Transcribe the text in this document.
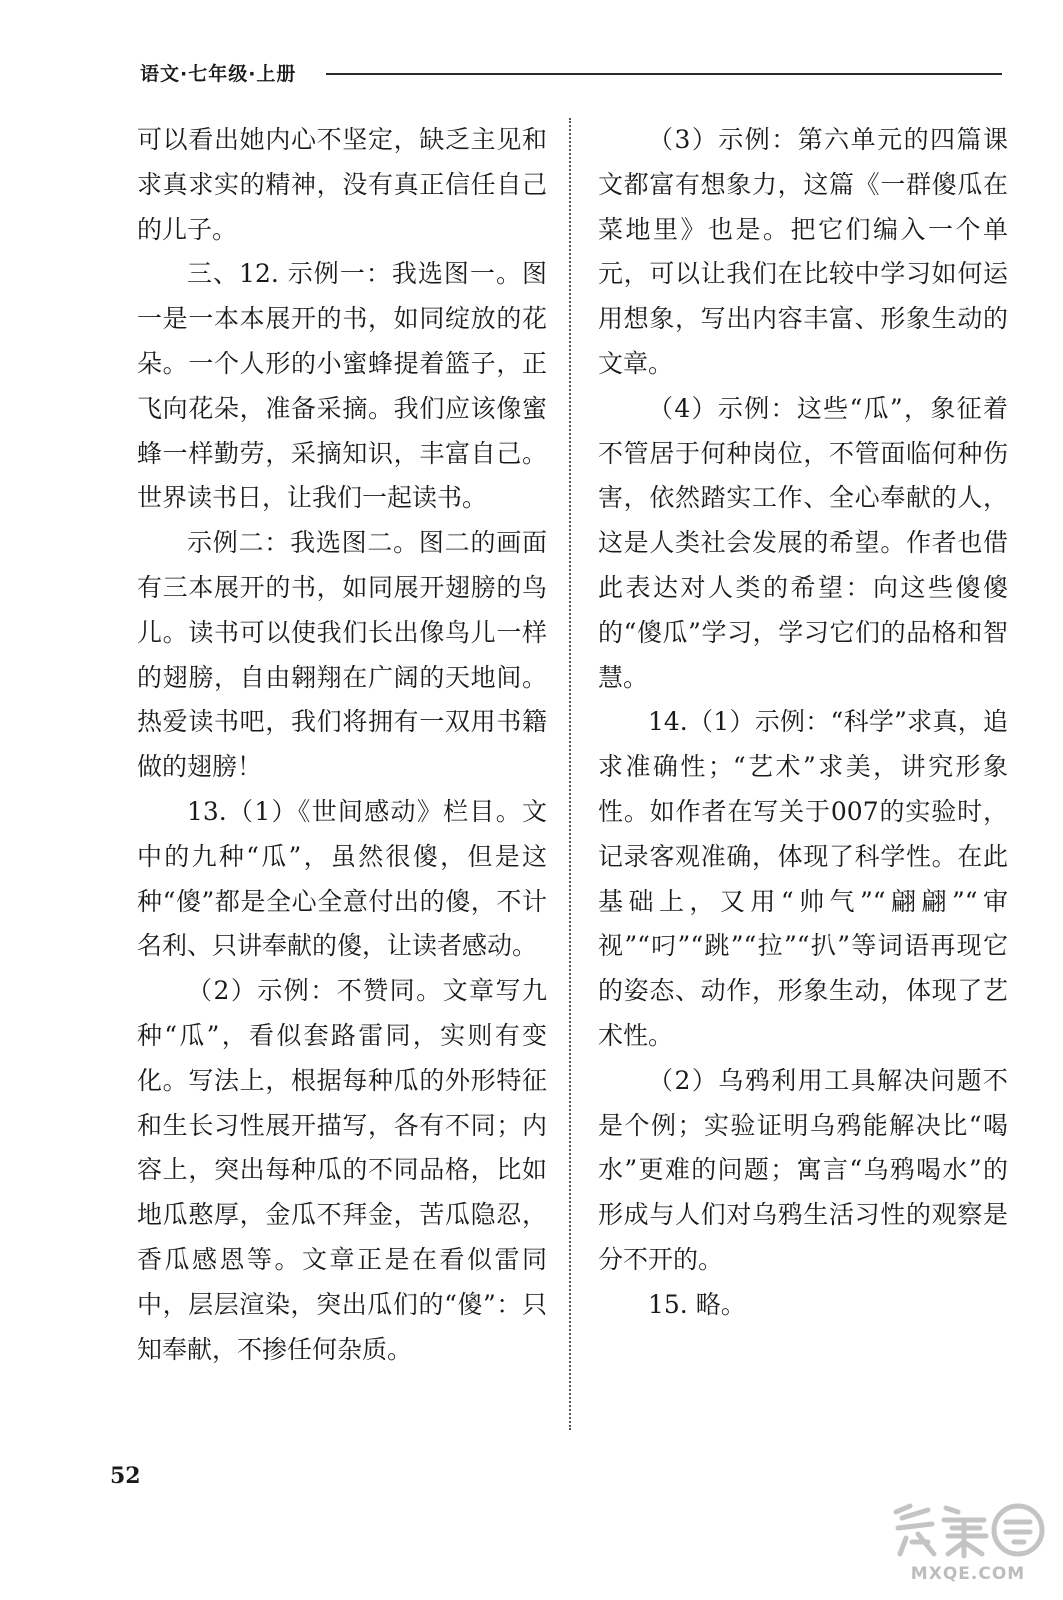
语文·七年级·上册

可以看出她内心不坚定，缺乏主见和求真求实的精神，没有真正信任自己的儿子。

三、12. 示例一：我选图一。图一是一本本展开的书，如同绽放的花朵。一个人形的小蜜蜂提着篮子，正飞向花朵，准备采摘。我们应该像蜜蜂一样勤劳，采摘知识，丰富自己。世界读书日，让我们一起读书。

示例二：我选图二。图二的画面有三本展开的书，如同展开翅膀的鸟儿。读书可以使我们长出像鸟儿一样的翅膀，自由翱翔在广阔的天地间。热爱读书吧，我们将拥有一双用书籍做的翅膀！

13.（1）《世间感动》栏目。文中的九种“瓜”，虽然很傻，但是这种“傻”都是全心全意付出的傻，不计名利、只讲奉献的傻，让读者感动。

（2）示例：不赞同。文章写九种“瓜”，看似套路雷同，实则有变化。写法上，根据每种瓜的外形特征和生长习性展开描写，各有不同；内容上，突出每种瓜的不同品格，比如地瓜憨厚，金瓜不拜金，苦瓜隐忍，香瓜感恩等。文章正是在看似雷同中，层层渲染，突出瓜们的“傻”：只知奉献，不掺任何杂质。

（3）示例：第六单元的四篇课文都富有想象力，这篇《一群傻瓜在菜地里》也是。把它们编入一个单元，可以让我们在比较中学习如何运用想象，写出内容丰富、形象生动的文章。

（4）示例：这些“瓜”，象征着不管居于何种岗位，不管面临何种伤害，依然踏实工作、全心奉献的人，这是人类社会发展的希望。作者也借此表达对人类的希望：向这些傻傻的“傻瓜”学习，学习它们的品格和智慧。

14.（1）示例：“科学”求真，追求准确性；“艺术”求美，讲究形象性。如作者在写关于007的实验时，记录客观准确，体现了科学性。在此基础上，又用“帅气”“翩翩”“审视”“叼”“跳”“拉”“扒”等词语再现它的姿态、动作，形象生动，体现了艺术性。

（2）乌鸦利用工具解决问题不是个例；实验证明乌鸦能解决比“喝水”更难的问题；寓言“乌鸦喝水”的形成与人们对乌鸦生活习性的观察是分不开的。

15. 略。

52
MXQE.COM
